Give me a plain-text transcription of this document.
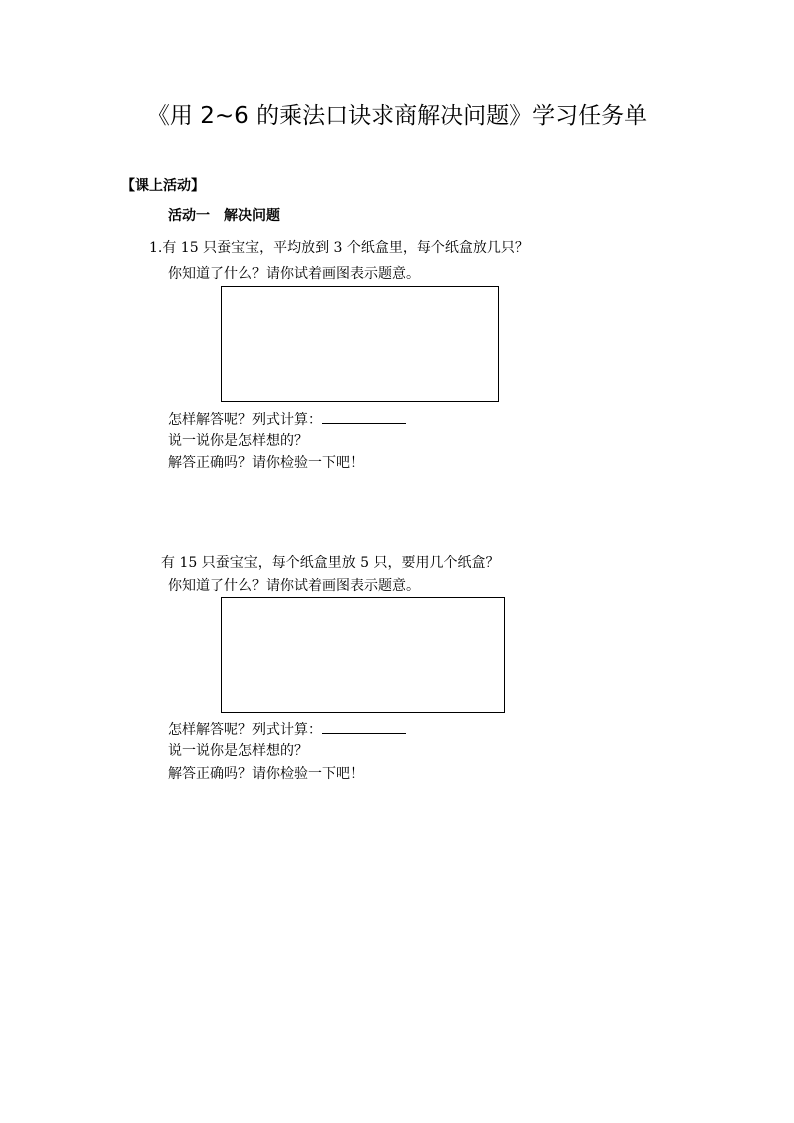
《用 2~6 的乘法口诀求商解决问题》学习任务单
【课上活动】
活动一　解决问题
1.有 15 只蚕宝宝，平均放到 3 个纸盒里，每个纸盒放几只？
你知道了什么？请你试着画图表示题意。
怎样解答呢？列式计算：
说一说你是怎样想的？
解答正确吗？请你检验一下吧！
有 15 只蚕宝宝，每个纸盒里放 5 只，要用几个纸盒？
你知道了什么？请你试着画图表示题意。
怎样解答呢？列式计算：
说一说你是怎样想的？
解答正确吗？请你检验一下吧！
